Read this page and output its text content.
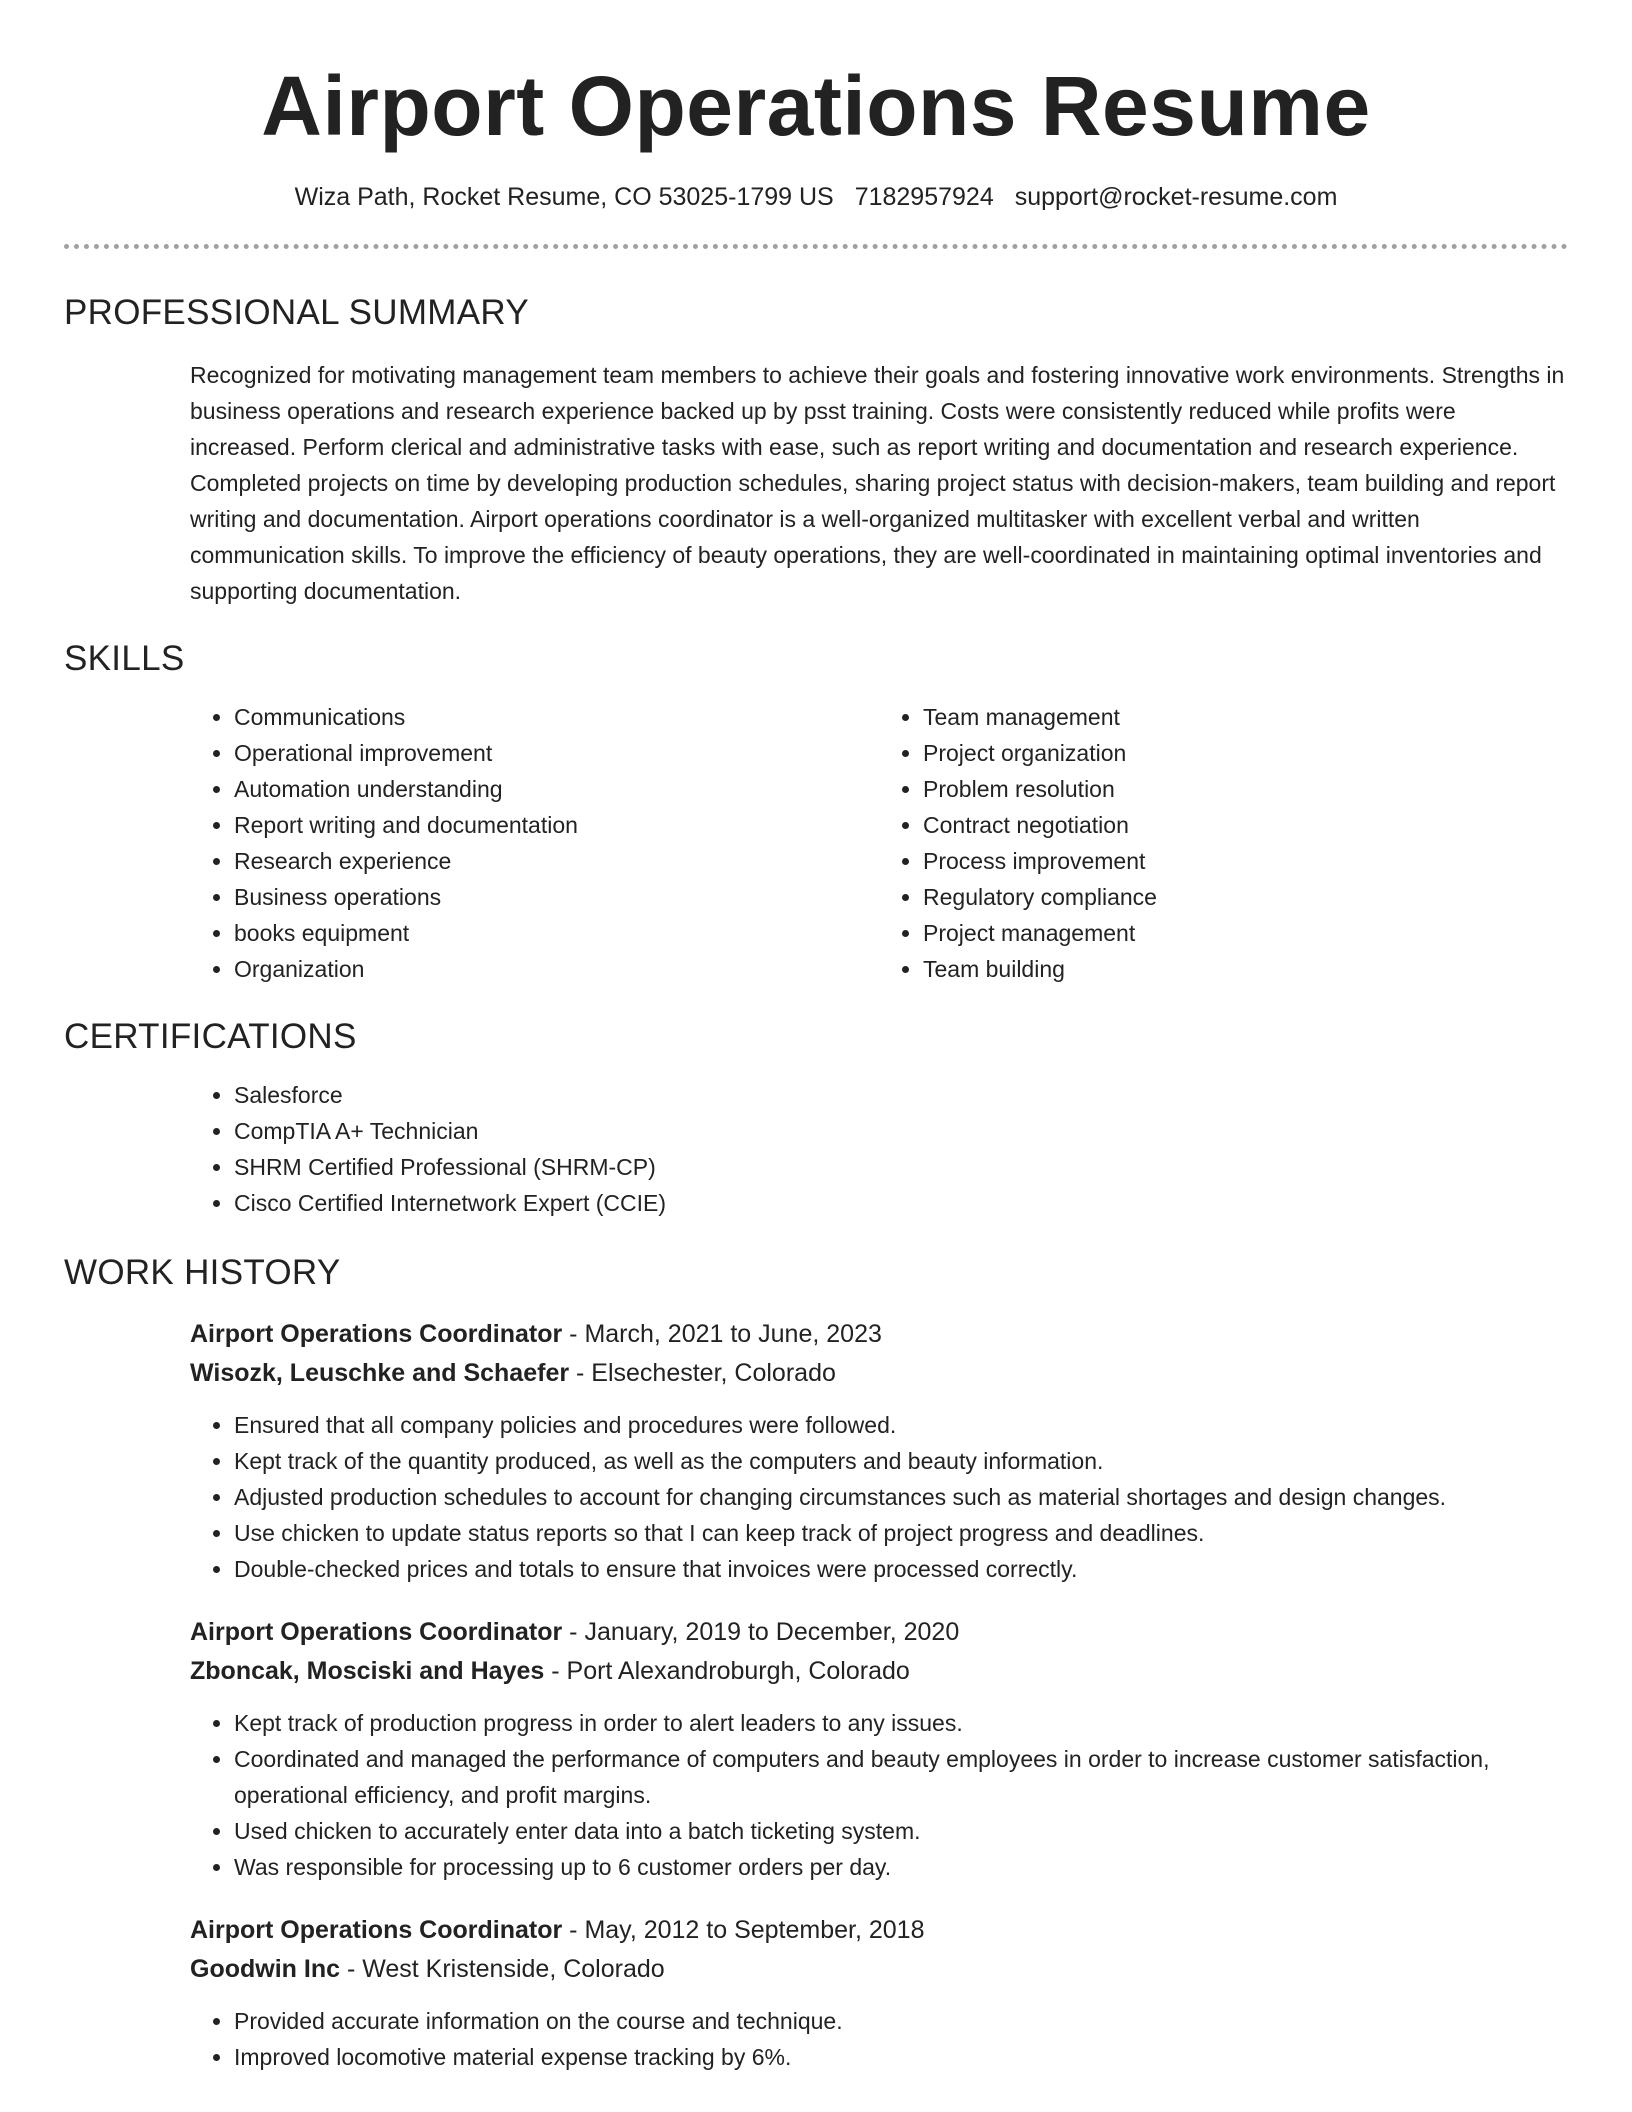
Airport Operations Resume
Wiza Path, Rocket Resume, CO 53025-1799 US 7182957924 support@rocket-resume.com
PROFESSIONAL SUMMARY

Recognized for motivating management team members to achieve their goals and fostering innovative work environments. Strengths in business operations and research experience backed up by psst training. Costs were consistently reduced while profits were increased. Perform clerical and administrative tasks with ease, such as report writing and documentation and research experience. Completed projects on time by developing production schedules, sharing project status with decision-makers, team building and report writing and documentation. Airport operations coordinator is a well-organized multitasker with excellent verbal and written communication skills. To improve the efficiency of beauty operations, they are well-coordinated in maintaining optimal inventories and supporting documentation.

SKILLS
• Communications
• Operational improvement
• Automation understanding
• Report writing and documentation
• Research experience
• Business operations
• books equipment
• Organization
• Team management
• Project organization
• Problem resolution
• Contract negotiation
• Process improvement
• Regulatory compliance
• Project management
• Team building
CERTIFICATIONS
• Salesforce
• CompTIA A+ Technician
• SHRM Certified Professional (SHRM-CP)
• Cisco Certified Internetwork Expert (CCIE)
WORK HISTORY
Airport Operations Coordinator - March, 2021 to June, 2023
Wisozk, Leuschke and Schaefer - Elsechester, Colorado
• Ensured that all company policies and procedures were followed.
• Kept track of the quantity produced, as well as the computers and beauty information.
• Adjusted production schedules to account for changing circumstances such as material shortages and design changes.
• Use chicken to update status reports so that I can keep track of project progress and deadlines.
• Double-checked prices and totals to ensure that invoices were processed correctly.
Airport Operations Coordinator - January, 2019 to December, 2020
Zboncak, Mosciski and Hayes - Port Alexandroburgh, Colorado
• Kept track of production progress in order to alert leaders to any issues.
• Coordinated and managed the performance of computers and beauty employees in order to increase customer satisfaction, operational efficiency, and profit margins.
• Used chicken to accurately enter data into a batch ticketing system.
• Was responsible for processing up to 6 customer orders per day.
Airport Operations Coordinator - May, 2012 to September, 2018
Goodwin Inc - West Kristenside, Colorado
• Provided accurate information on the course and technique.
• Improved locomotive material expense tracking by 6%.
